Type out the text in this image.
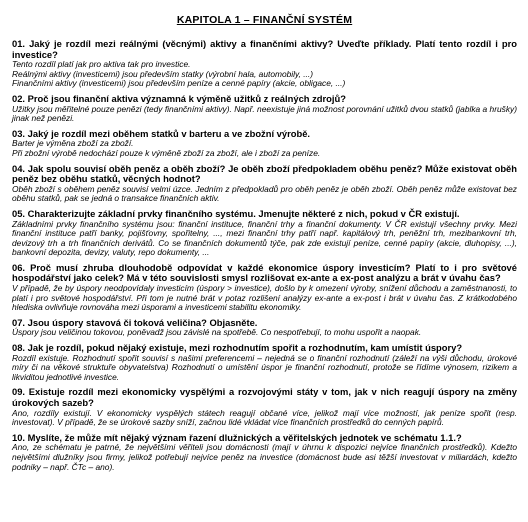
KAPITOLA 1 – FINANČNÍ SYSTÉM

01. Jaký je rozdíl mezi reálnými (věcnými) aktivy a finančními aktivy? Uveďte příklady. Platí tento rozdíl i pro investice?

Tento rozdíl platí jak pro aktiva tak pro investice.
Reálnými aktivy (investicemi) jsou především statky (výrobní hala, automobily, ...)
Finančními aktivy (investicemi) jsou především peníze a cenné papíry (akcie, obligace, ...)

02. Proč jsou finanční aktiva významná k výměně užitků z reálných zdrojů?

Užitky jsou měřitelné pouze penězi (tedy finančními aktivy). Např. neexistuje jiná možnost porovnání užitků dvou statků (jablka a hrušky) jinak než penězi.

03. Jaký je rozdíl mezi oběhem statků v barteru a ve zbožní výrobě.

Barter je výměna zboží za zboží.
Při zbožní výrobě nedochází pouze k výměně zboží za zboží, ale i zboží za peníze.

04. Jak spolu souvisí oběh peněz a oběh zboží? Je oběh zboží předpokladem oběhu peněz? Může existovat oběh peněz bez oběhu statků, věcných hodnot?

Oběh zboží s oběhem peněz souvisí velmi úzce. Jedním z předpokladů pro oběh peněz je oběh zboží. Oběh peněz může existovat bez oběhu statků, pak se jedná o transakce finančních aktiv.

05. Charakterizujte základní prvky finančního systému. Jmenujte některé z nich, pokud v ČR existují.

Základními prvky finančního systému jsou: finanční instituce, finanční trhy a finanční dokumenty. V ČR existují všechny prvky. Mezi finanční instituce patří banky, pojišťovny, spořitelny, ..., mezi finanční trhy patří např. kapitálový trh, peněžní trh, mezibankovní trh, devizový trh a trh finančních derivátů. Co se finančních dokumentů týče, pak zde existují peníze, cenné papíry (akcie, dluhopisy, ...), bankovní depozita, devizy, valuty, repo dokumenty, ...

06. Proč musí zhruba dlouhodobě odpovídat v každé ekonomice úspory investicím? Platí to i pro světové hospodářství jako celek? Má v této souvislosti smysl rozlišovat ex-ante a ex-post analýzu a brát v úvahu čas?

V případě, že by úspory neodpovídaly investicím (úspory > investice), došlo by k omezení výroby, snížení důchodu a zaměstnanosti, to platí i pro světové hospodářství. Při tom je nutné brát v potaz rozlišení analýzy ex-ante a ex-post i brát v úvahu čas. Z krátkodobého hlediska ovlivňuje rovnováha mezi úsporami a investicemi stabilitu ekonomiky.

07. Jsou úspory stavová či toková veličina? Objasněte.

Úspory jsou veličinou tokovou, poněvadž jsou závislé na spotřebě. Co nespotřebují, to mohu uspořit a naopak.

08. Jak je rozdíl, pokud nějaký existuje, mezi rozhodnutím spořit a rozhodnutím, kam umístit úspory?

Rozdíl existuje. Rozhodnutí spořit souvisí s našimi preferencemi – nejedná se o finanční rozhodnutí (záleží na výši důchodu, úrokové míry či na věkové struktuře obyvatelstva) Rozhodnutí o umístění úspor je finanční rozhodnutí, protože se řídíme výnosem, rizikem a likviditou jednotlivé investice.

09. Existuje rozdíl mezi ekonomicky vyspělými a rozvojovými státy v tom, jak v nich reagují úspory na změny úrokových sazeb?

Ano, rozdíly existují. V ekonomicky vyspělých státech reagují občané více, jelikož mají více možností, jak peníze spořit (resp. investovat). V případě, že se úrokové sazby sníží, začnou lidé vkládat více finančních prostředků do cenných papírů.

10. Myslíte, že může mít nějaký význam řazení dlužnických a věřitelských jednotek ve schématu 1.1.?

Ano, ze schématu je patrné, že největšími věřiteli jsou domácnosti (mají v úhrnu k dispozici nejvíce finančních prostředků). Kdežto největšími dlužníky jsou firmy, jelikož potřebují nejvíce peněz na investice (domácnost bude asi těžší investovat v miliardách, kdežto podniky – např. ČTc – ano).
